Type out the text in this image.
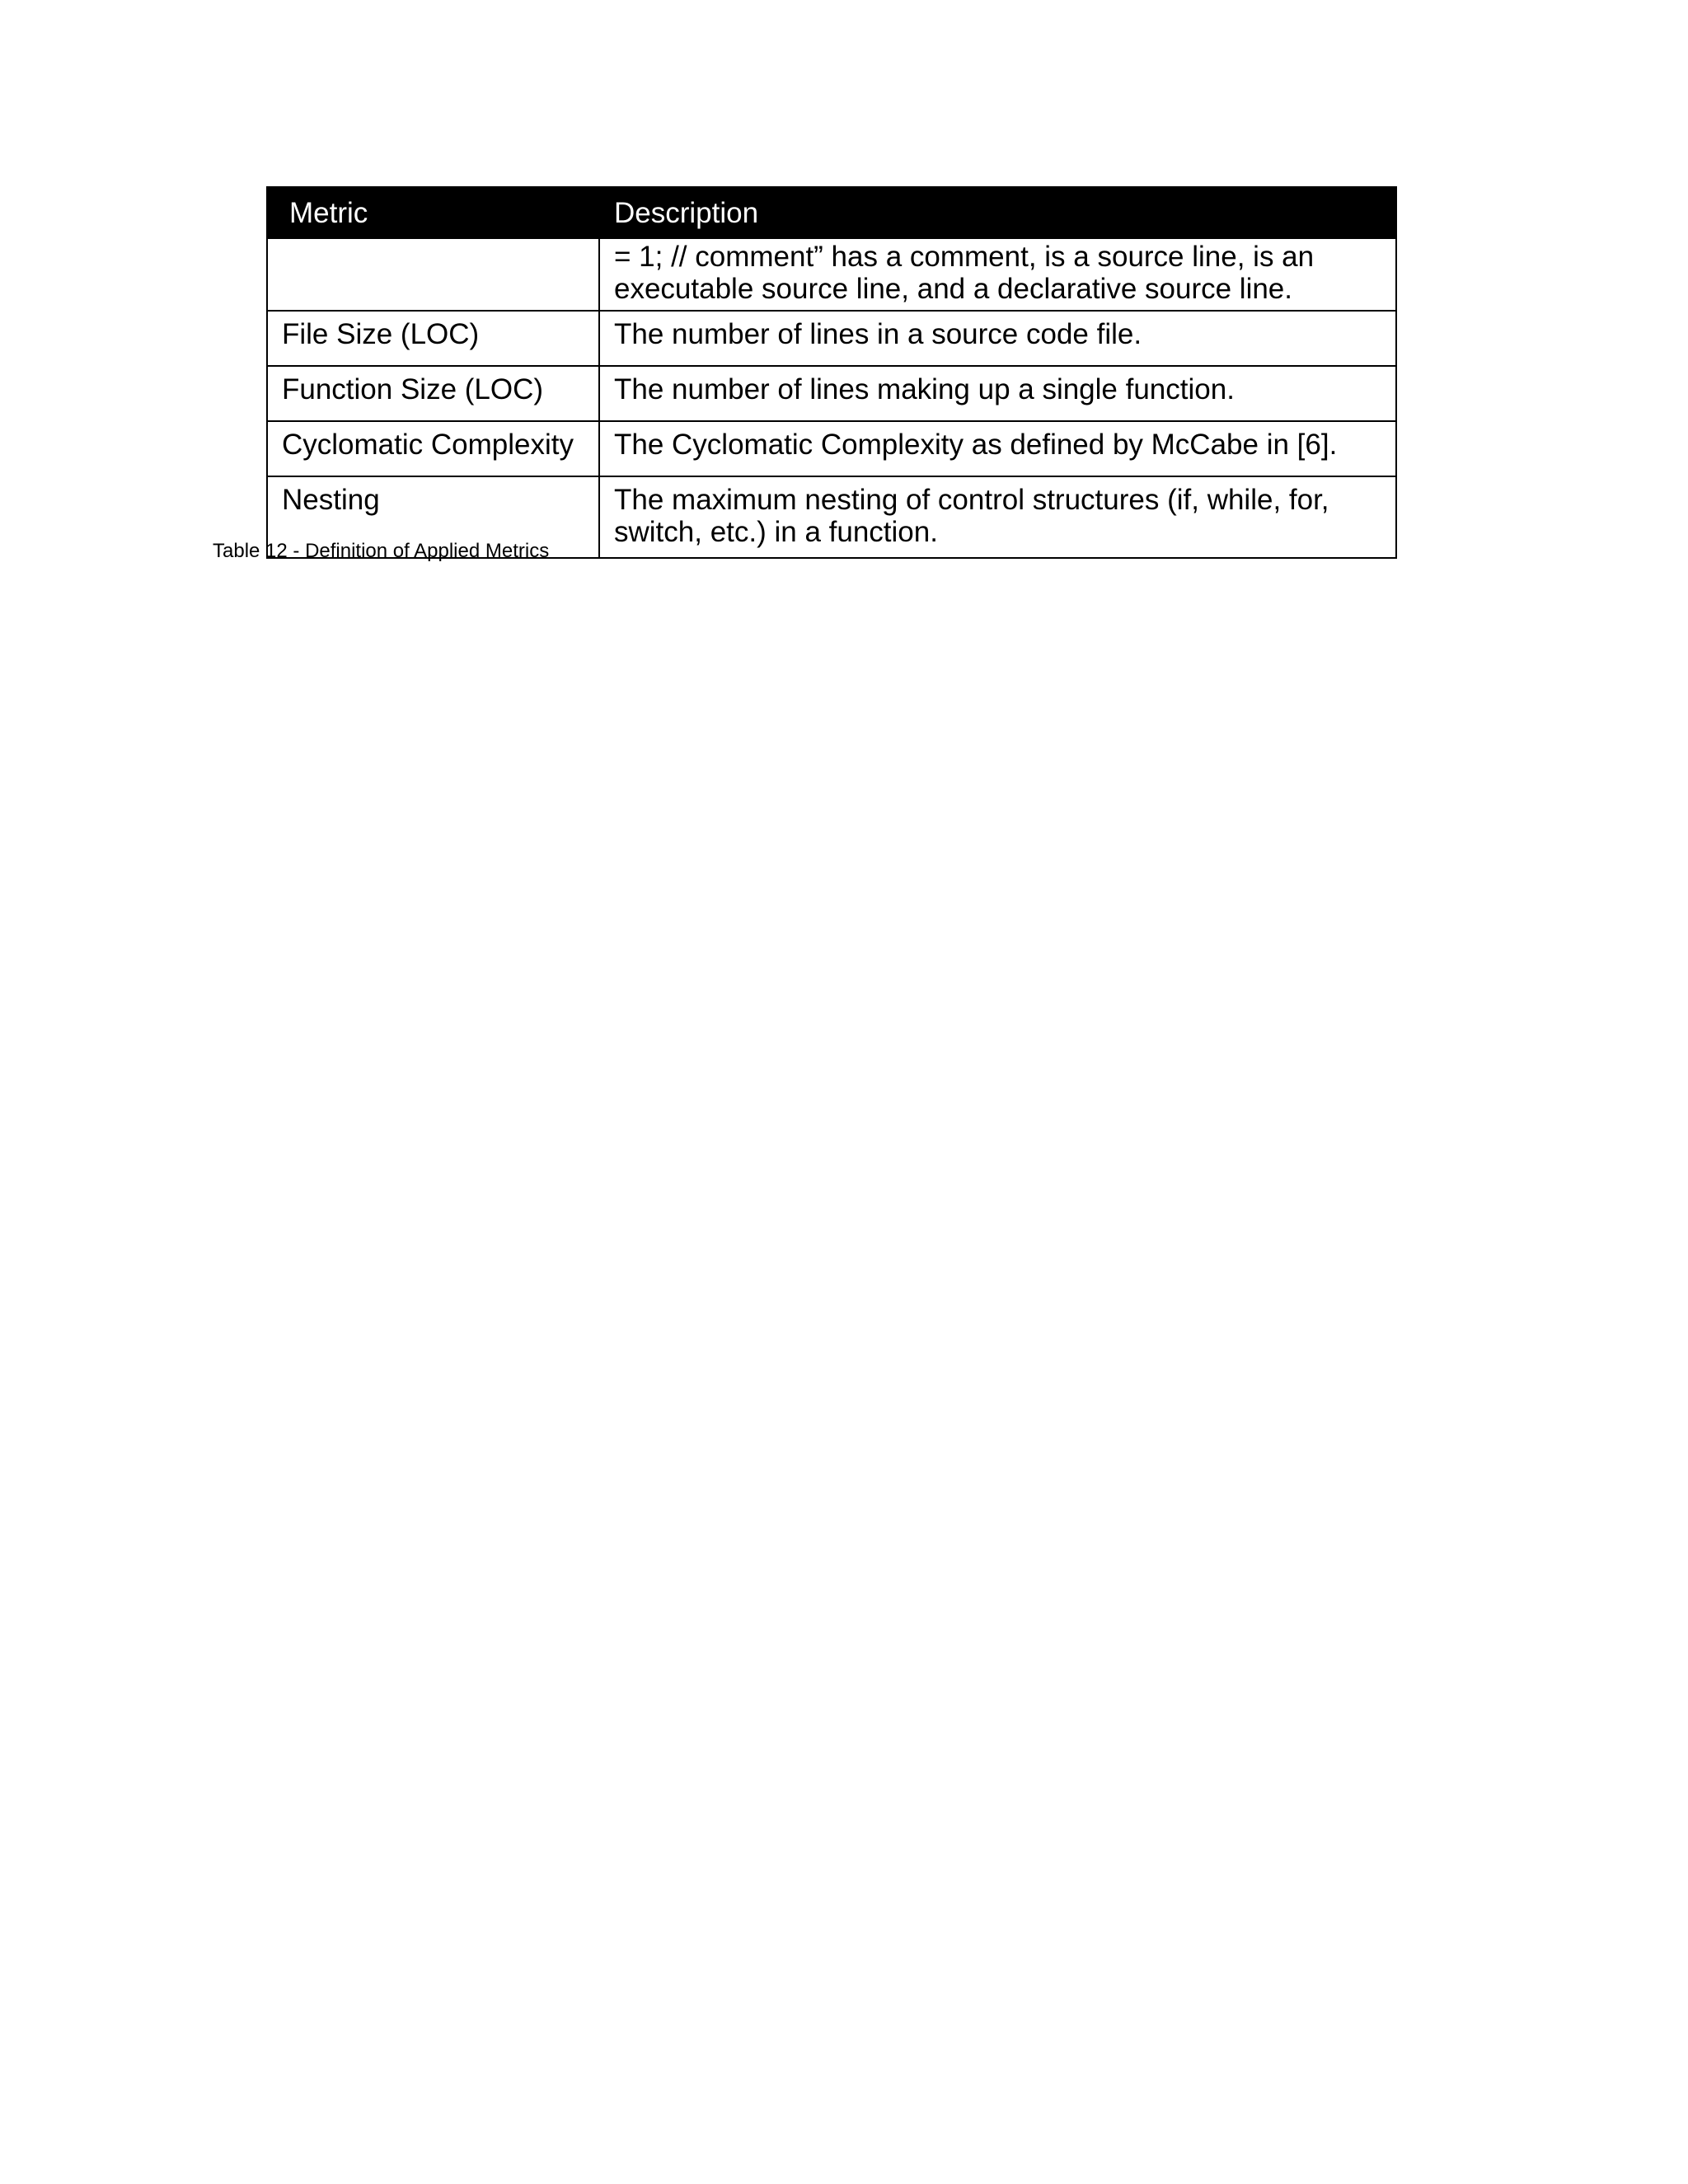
Metric	Description
	= 1; // comment” has a comment, is a source line, is an executable source line, and a declarative source line.
File Size (LOC)	The number of lines in a source code file.
Function Size (LOC)	The number of lines making up a single function.
Cyclomatic Complexity	The Cyclomatic Complexity as defined by McCabe in [6].
Nesting	The maximum nesting of control structures (if, while, for, switch, etc.) in a function.
Table 12 - Definition of Applied Metrics
